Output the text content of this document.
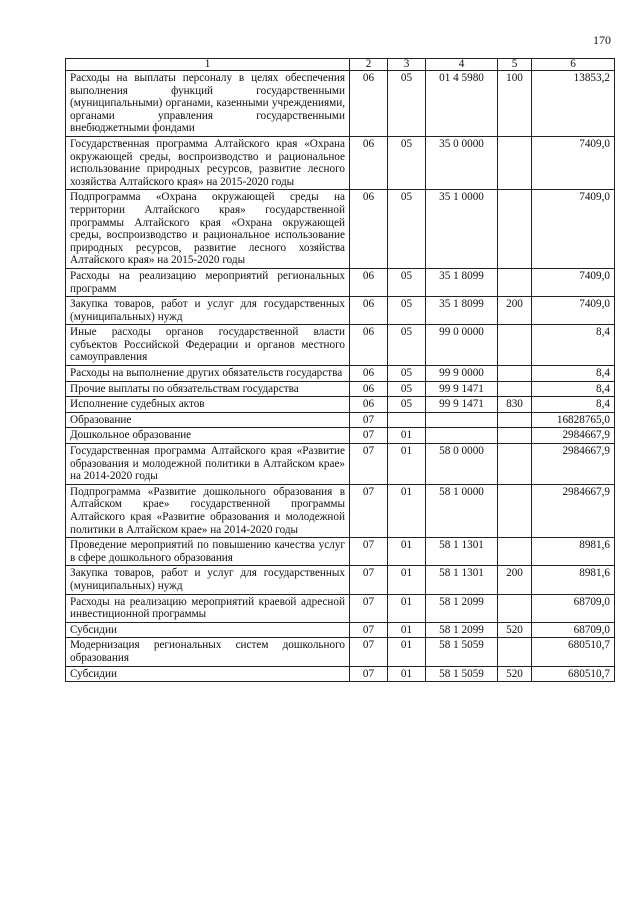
170
1	2	3	4	5	6
Расходы на выплаты персоналу в целях обеспечения выполнения функций государственными (муниципальными) органами, казенными учреждениями, органами управления государственными внебюджетными фондами	06	05	01 4 5980	100	13853,2
Государственная программа Алтайского края «Охрана окружающей среды, воспроизводство и рациональное использование природных ресурсов, развитие лесного хозяйства Алтайского края» на 2015-2020 годы	06	05	35 0 0000		7409,0
Подпрограмма «Охрана окружающей среды на территории Алтайского края» государственной программы Алтайского края «Охрана окружающей среды, воспроизводство и рациональное использование природных ресурсов, развитие лесного хозяйства Алтайского края» на 2015-2020 годы	06	05	35 1 0000		7409,0
Расходы на реализацию мероприятий региональных программ	06	05	35 1 8099		7409,0
Закупка товаров, работ и услуг для государственных (муниципальных) нужд	06	05	35 1 8099	200	7409,0
Иные расходы органов государственной власти субъектов Российской Федерации и органов местного самоуправления	06	05	99 0 0000		8,4
Расходы на выполнение других обязательств государства	06	05	99 9 0000		8,4
Прочие выплаты по обязательствам государства	06	05	99 9 1471		8,4
Исполнение судебных актов	06	05	99 9 1471	830	8,4
Образование	07				16828765,0
Дошкольное образование	07	01			2984667,9
Государственная программа Алтайского края «Развитие образования и молодежной политики в Алтайском крае» на 2014-2020 годы	07	01	58 0 0000		2984667,9
Подпрограмма «Развитие дошкольного образования в Алтайском крае» государственной программы Алтайского края «Развитие образования и молодежной политики в Алтайском крае» на 2014-2020 годы	07	01	58 1 0000		2984667,9
Проведение мероприятий по повышению качества услуг в сфере дошкольного образования	07	01	58 1 1301		8981,6
Закупка товаров, работ и услуг для государственных (муниципальных) нужд	07	01	58 1 1301	200	8981,6
Расходы на реализацию мероприятий краевой адресной инвестиционной программы	07	01	58 1 2099		68709,0
Субсидии	07	01	58 1 2099	520	68709,0
Модернизация региональных систем дошкольного образования	07	01	58 1 5059		680510,7
Субсидии	07	01	58 1 5059	520	680510,7
